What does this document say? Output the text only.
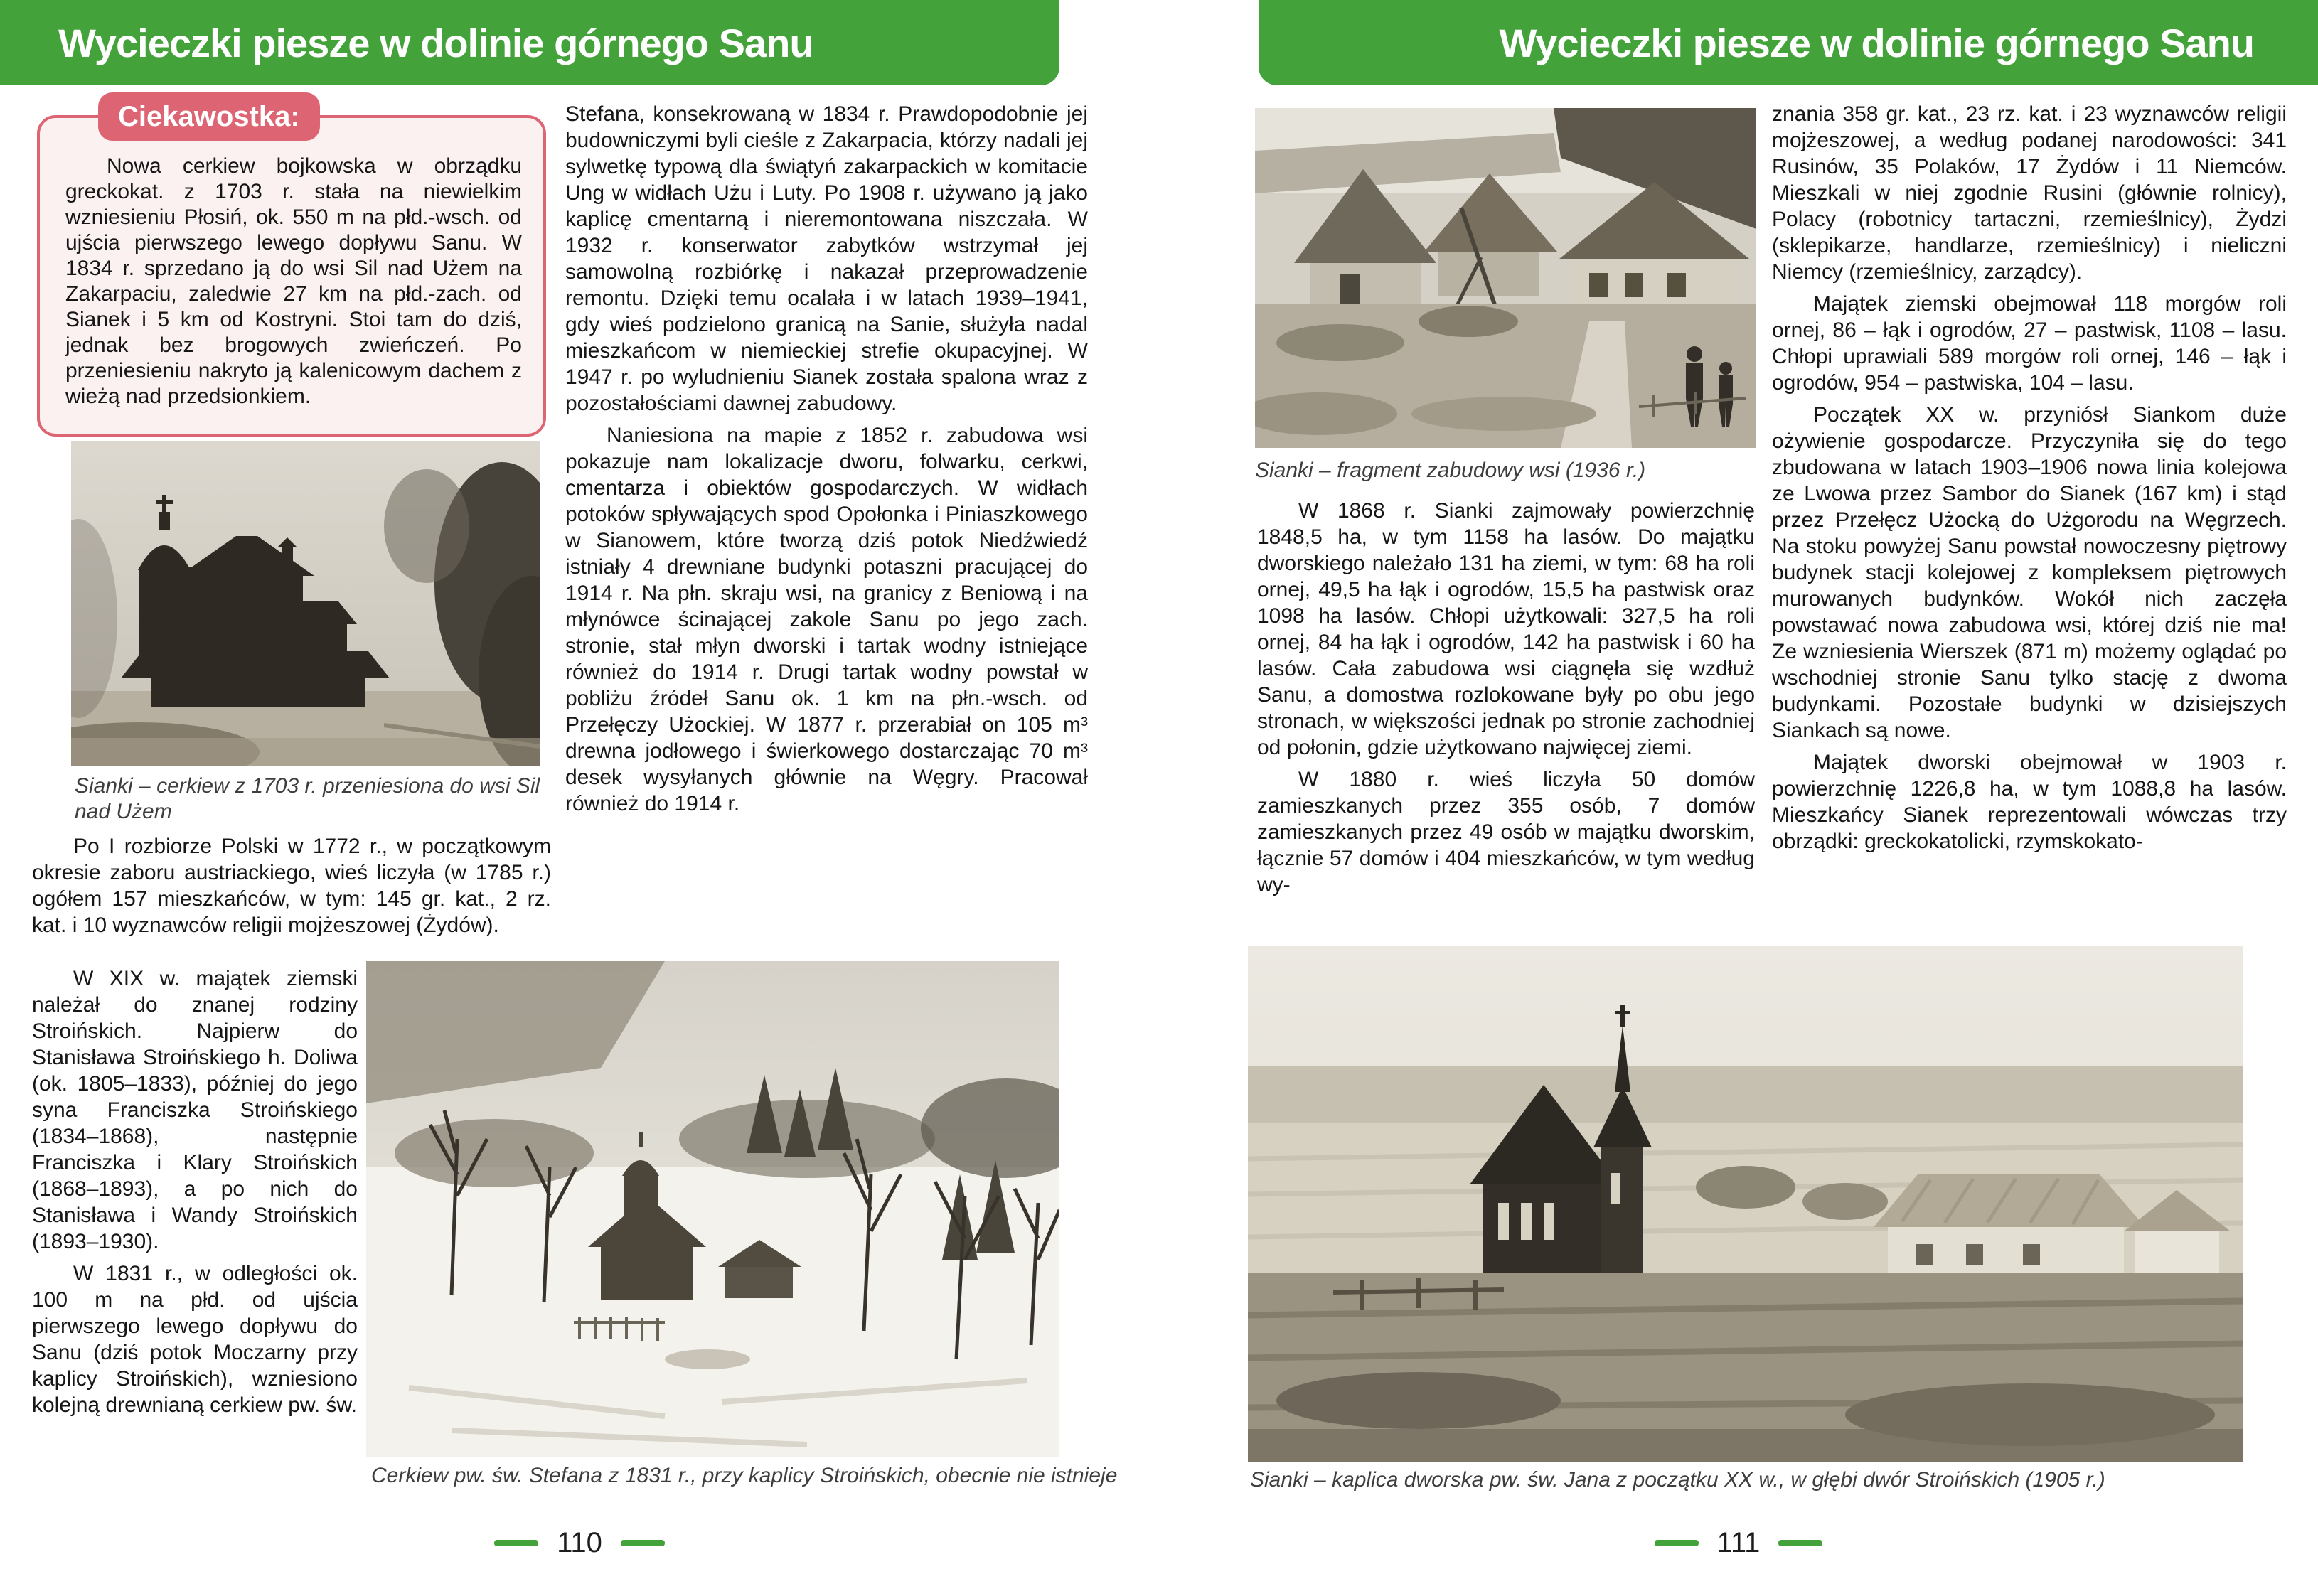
Wycieczki piesze w dolinie górnego Sanu

Nowa cerkiew bojkowska w obrządku greckokat. z 1703 r. stała na niewielkim wzniesieniu Płosiń, ok. 550 m na płd.-wsch. od ujścia pierwszego lewego dopływu Sanu. W 1834 r. sprzedano ją do wsi Sil nad Użem na Zakarpaciu, zaledwie 27 km na płd.-zach. od Sianek i 5 km od Kostryni. Stoi tam do dziś, jednak bez brogowych zwieńczeń. Po przeniesieniu nakryto ją kalenicowym dachem z wieżą nad przedsionkiem.

Ciekawostka:
Sianki – cerkiew z 1703 r. przeniesiona do wsi Sil nad Użem

Po I rozbiorze Polski w 1772 r., w początkowym okresie zaboru austriackiego, wieś liczyła (w 1785 r.) ogółem 157 mieszkańców, w tym: 145 gr. kat., 2 rz. kat. i 10 wyznawców religii mojżeszowej (Żydów).

W XIX w. majątek ziemski należał do znanej rodziny Stroińskich. Najpierw do Stanisława Stroińskiego h. Doliwa (ok. 1805–1833), później do jego syna Franciszka Stroińskiego (1834–1868), następnie Franciszka i Klary Stroińskich (1868–1893), a po nich do Stanisława i Wandy Stroińskich (1893–1930).

W 1831 r., w odległości ok. 100 m na płd. od ujścia pierwszego lewego dopływu do Sanu (dziś potok Moczarny przy kaplicy Stroińskich), wzniesiono kolejną drewnianą cerkiew pw. św.

Stefana, konsekrowaną w 1834 r. Prawdopodobnie jej budowniczymi byli cieśle z Zakarpacia, którzy nadali jej sylwetkę typową dla świątyń zakarpackich w komitacie Ung w widłach Użu i Luty. Po 1908 r. używano ją jako kaplicę cmentarną i nieremontowana niszczała. W 1932 r. konserwator zabytków wstrzymał jej samowolną rozbiórkę i nakazał przeprowadzenie remontu. Dzięki temu ocalała i w latach 1939–1941, gdy wieś podzielono granicą na Sanie, służyła nadal mieszkańcom w niemieckiej strefie okupacyjnej. W 1947 r. po wyludnieniu Sianek została spalona wraz z pozostałościami dawnej zabudowy.

Naniesiona na mapie z 1852 r. zabudowa wsi pokazuje nam lokalizacje dworu, folwarku, cerkwi, cmentarza i obiektów gospodarczych. W widłach potoków spływających spod Opołonka i Piniaszkowego w Sianowem, które tworzą dziś potok Niedźwiedź istniały 4 drewniane budynki potaszni pracującej do 1914 r. Na płn. skraju wsi, na granicy z Beniową i na młynówce ścinającej zakole Sanu po jego zach. stronie, stał młyn dworski i tartak wodny istniejące również do 1914 r. Drugi tartak wodny powstał w pobliżu źródeł Sanu ok. 1 km na płn.-wsch. od Przełęczy Użockiej. W 1877 r. przerabiał on 105 m³ drewna jodłowego i świerkowego dostarczając 70 m³ desek wysyłanych głównie na Węgry. Pracował również do 1914 r.

Cerkiew pw. św. Stefana z 1831 r., przy kaplicy Stroińskich, obecnie nie istnieje
110
Wycieczki piesze w dolinie górnego Sanu
Sianki – fragment zabudowy wsi (1936 r.)

W 1868 r. Sianki zajmowały powierzchnię 1848,5 ha, w tym 1158 ha lasów. Do majątku dworskiego należało 131 ha ziemi, w tym: 68 ha roli ornej, 49,5 ha łąk i ogrodów, 15,5 ha pastwisk oraz 1098 ha lasów. Chłopi użytkowali: 327,5 ha roli ornej, 84 ha łąk i ogrodów, 142 ha pastwisk i 60 ha lasów. Cała zabudowa wsi ciągnęła się wzdłuż Sanu, a domostwa rozlokowane były po obu jego stronach, w większości jednak po stronie zachodniej od połonin, gdzie użytkowano najwięcej ziemi.

W 1880 r. wieś liczyła 50 domów zamieszkanych przez 355 osób, 7 domów zamieszkanych przez 49 osób w majątku dworskim, łącznie 57 domów i 404 mieszkańców, w tym według wy-

znania 358 gr. kat., 23 rz. kat. i 23 wyznawców religii mojżeszowej, a według podanej narodowości: 341 Rusinów, 35 Polaków, 17 Żydów i 11 Niemców. Mieszkali w niej zgodnie Rusini (głównie rolnicy), Polacy (robotnicy tartaczni, rzemieślnicy), Żydzi (sklepikarze, handlarze, rzemieślnicy) i nieliczni Niemcy (rzemieślnicy, zarządcy).

Majątek ziemski obejmował 118 morgów roli ornej, 86 – łąk i ogrodów, 27 – pastwisk, 1108 – lasu. Chłopi uprawiali 589 morgów roli ornej, 146 – łąk i ogrodów, 954 – pastwiska, 104 – lasu.

Początek XX w. przyniósł Siankom duże ożywienie gospodarcze. Przyczyniła się do tego zbudowana w latach 1903–1906 nowa linia kolejowa ze Lwowa przez Sambor do Sianek (167 km) i stąd przez Przełęcz Użocką do Użgorodu na Węgrzech. Na stoku powyżej Sanu powstał nowoczesny piętrowy budynek stacji kolejowej z kompleksem piętrowych murowanych budynków. Wokół nich zaczęła powstawać nowa zabudowa wsi, której dziś nie ma! Ze wzniesienia Wierszek (871 m) możemy oglądać po wschodniej stronie Sanu tylko stację z dwoma budynkami. Pozostałe budynki w dzisiejszych Siankach są nowe.

Majątek dworski obejmował w 1903 r. powierzchnię 1226,8 ha, w tym 1088,8 ha lasów. Mieszkańcy Sianek reprezentowali wówczas trzy obrządki: greckokatolicki, rzymskokato-

Sianki – kaplica dworska pw. św. Jana z początku XX w., w głębi dwór Stroińskich (1905 r.)
111
